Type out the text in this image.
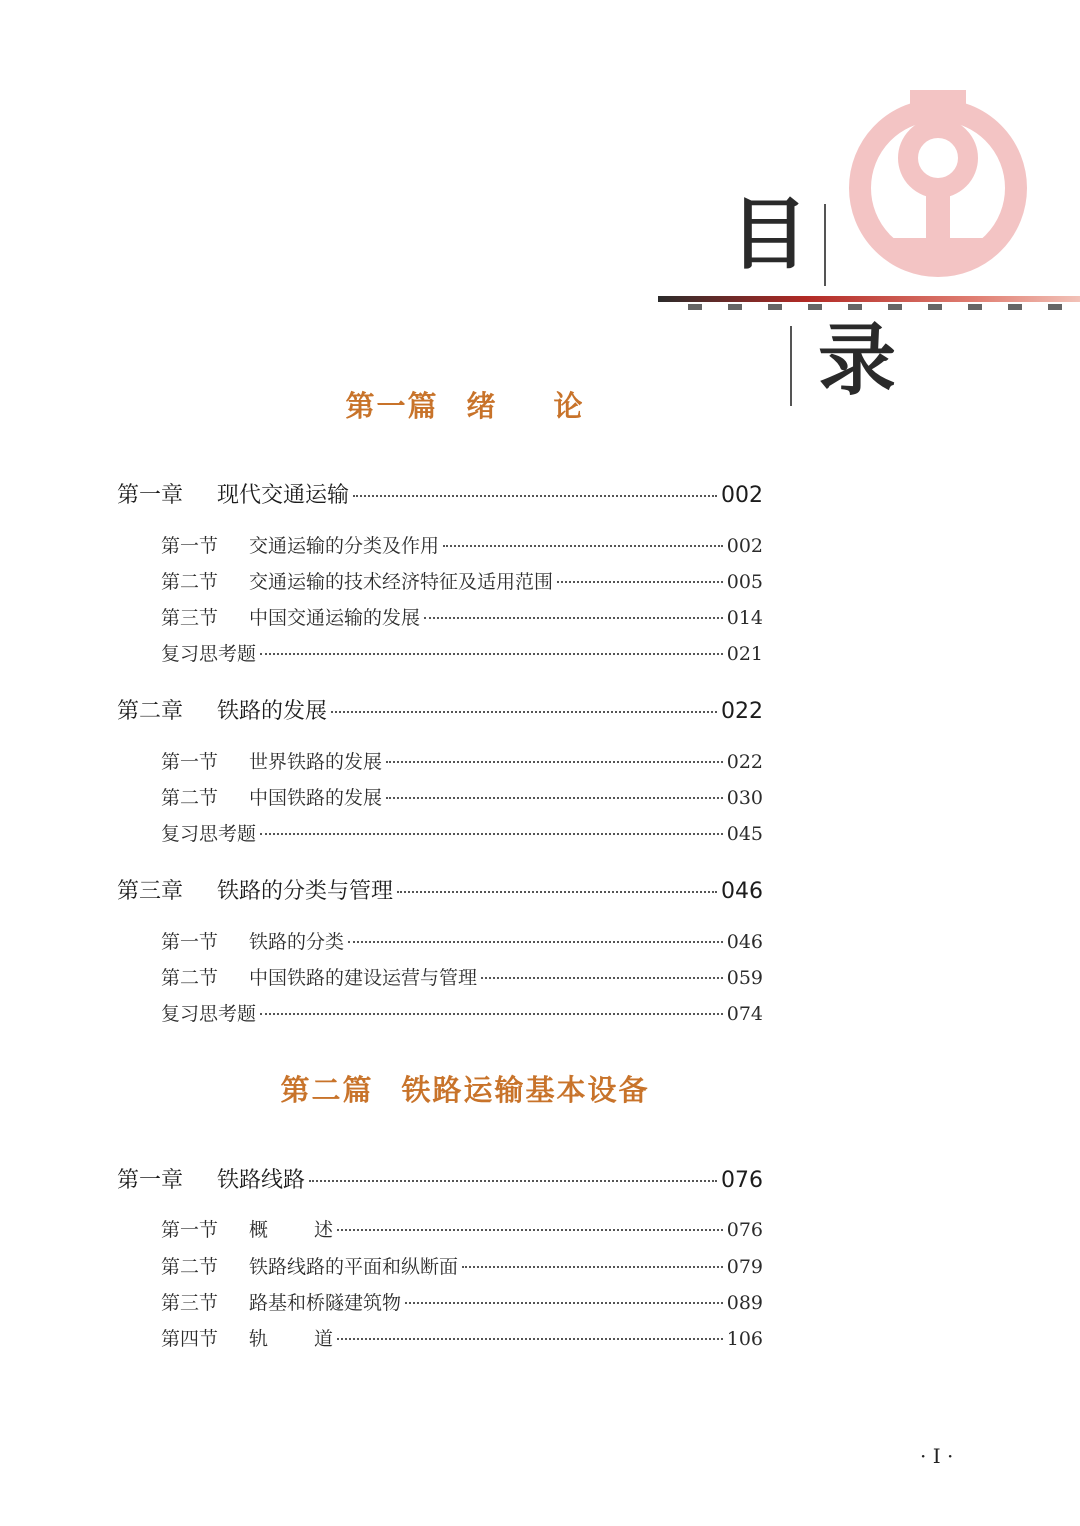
目
录
第一篇 绪 论
第一章	现代交通运输	002
第一节	交通运输的分类及作用	002
第二节	交通运输的技术经济特征及适用范围	005
第三节	中国交通运输的发展	014
复习思考题	021
第二章	铁路的发展	022
第一节	世界铁路的发展	022
第二节	中国铁路的发展	030
复习思考题	045
第三章	铁路的分类与管理	046
第一节	铁路的分类	046
第二节	中国铁路的建设运营与管理	059
复习思考题	074
第二篇 铁路运输基本设备
第一章	铁路线路	076
第一节	概 述	076
第二节	铁路线路的平面和纵断面	079
第三节	路基和桥隧建筑物	089
第四节	轨 道	106
· I ·
